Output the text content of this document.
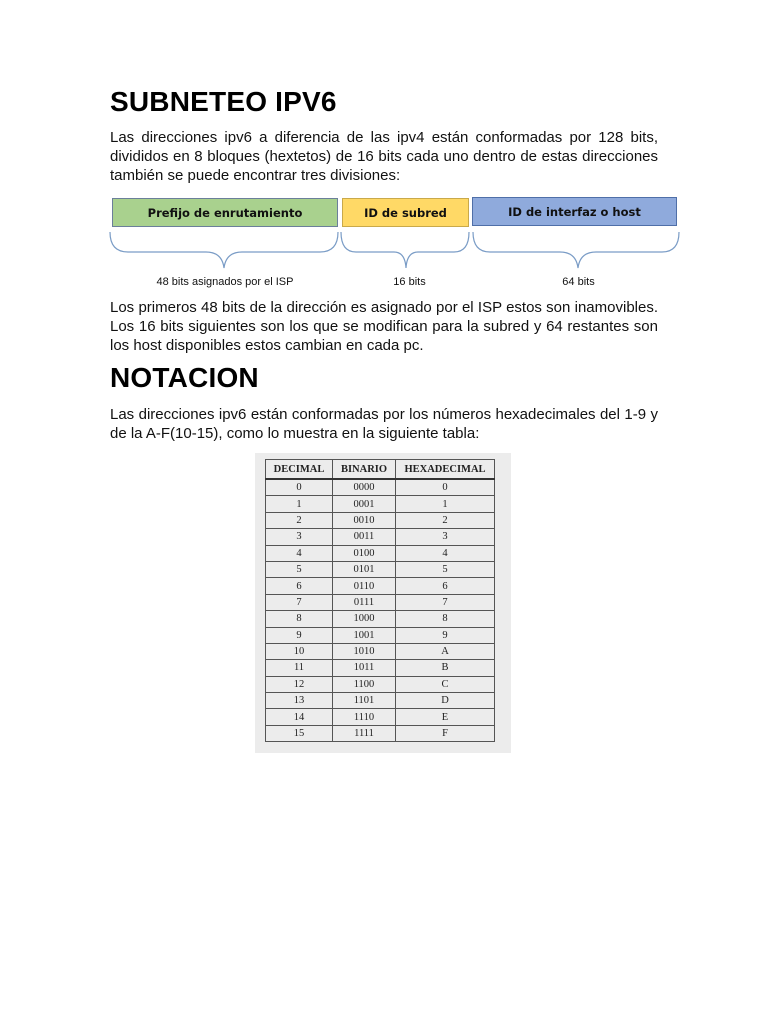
SUBNETEO IPV6
Las direcciones ipv6 a diferencia de las ipv4 están conformadas por 128 bits, divididos en 8 bloques (hextetos) de 16 bits cada uno dentro de estas direcciones también se puede encontrar tres divisiones:
Prefijo de enrutamiento	ID de subred	ID de interfaz o host
48 bits asignados por el ISP	16 bits	64 bits
Los primeros 48 bits de la dirección es asignado por el ISP estos son inamovibles. Los 16 bits siguientes son los que se modifican para la subred y 64 restantes son los host disponibles estos cambian en cada pc.
NOTACION
Las direcciones ipv6 están conformadas por los números hexadecimales del 1-9 y de la A-F(10-15), como lo muestra en la siguiente tabla:
DECIMAL	BINARIO	HEXADECIMAL
0	0000	0
1	0001	1
2	0010	2
3	0011	3
4	0100	4
5	0101	5
6	0110	6
7	0111	7
8	1000	8
9	1001	9
10	1010	A
11	1011	B
12	1100	C
13	1101	D
14	1110	E
15	1111	F
